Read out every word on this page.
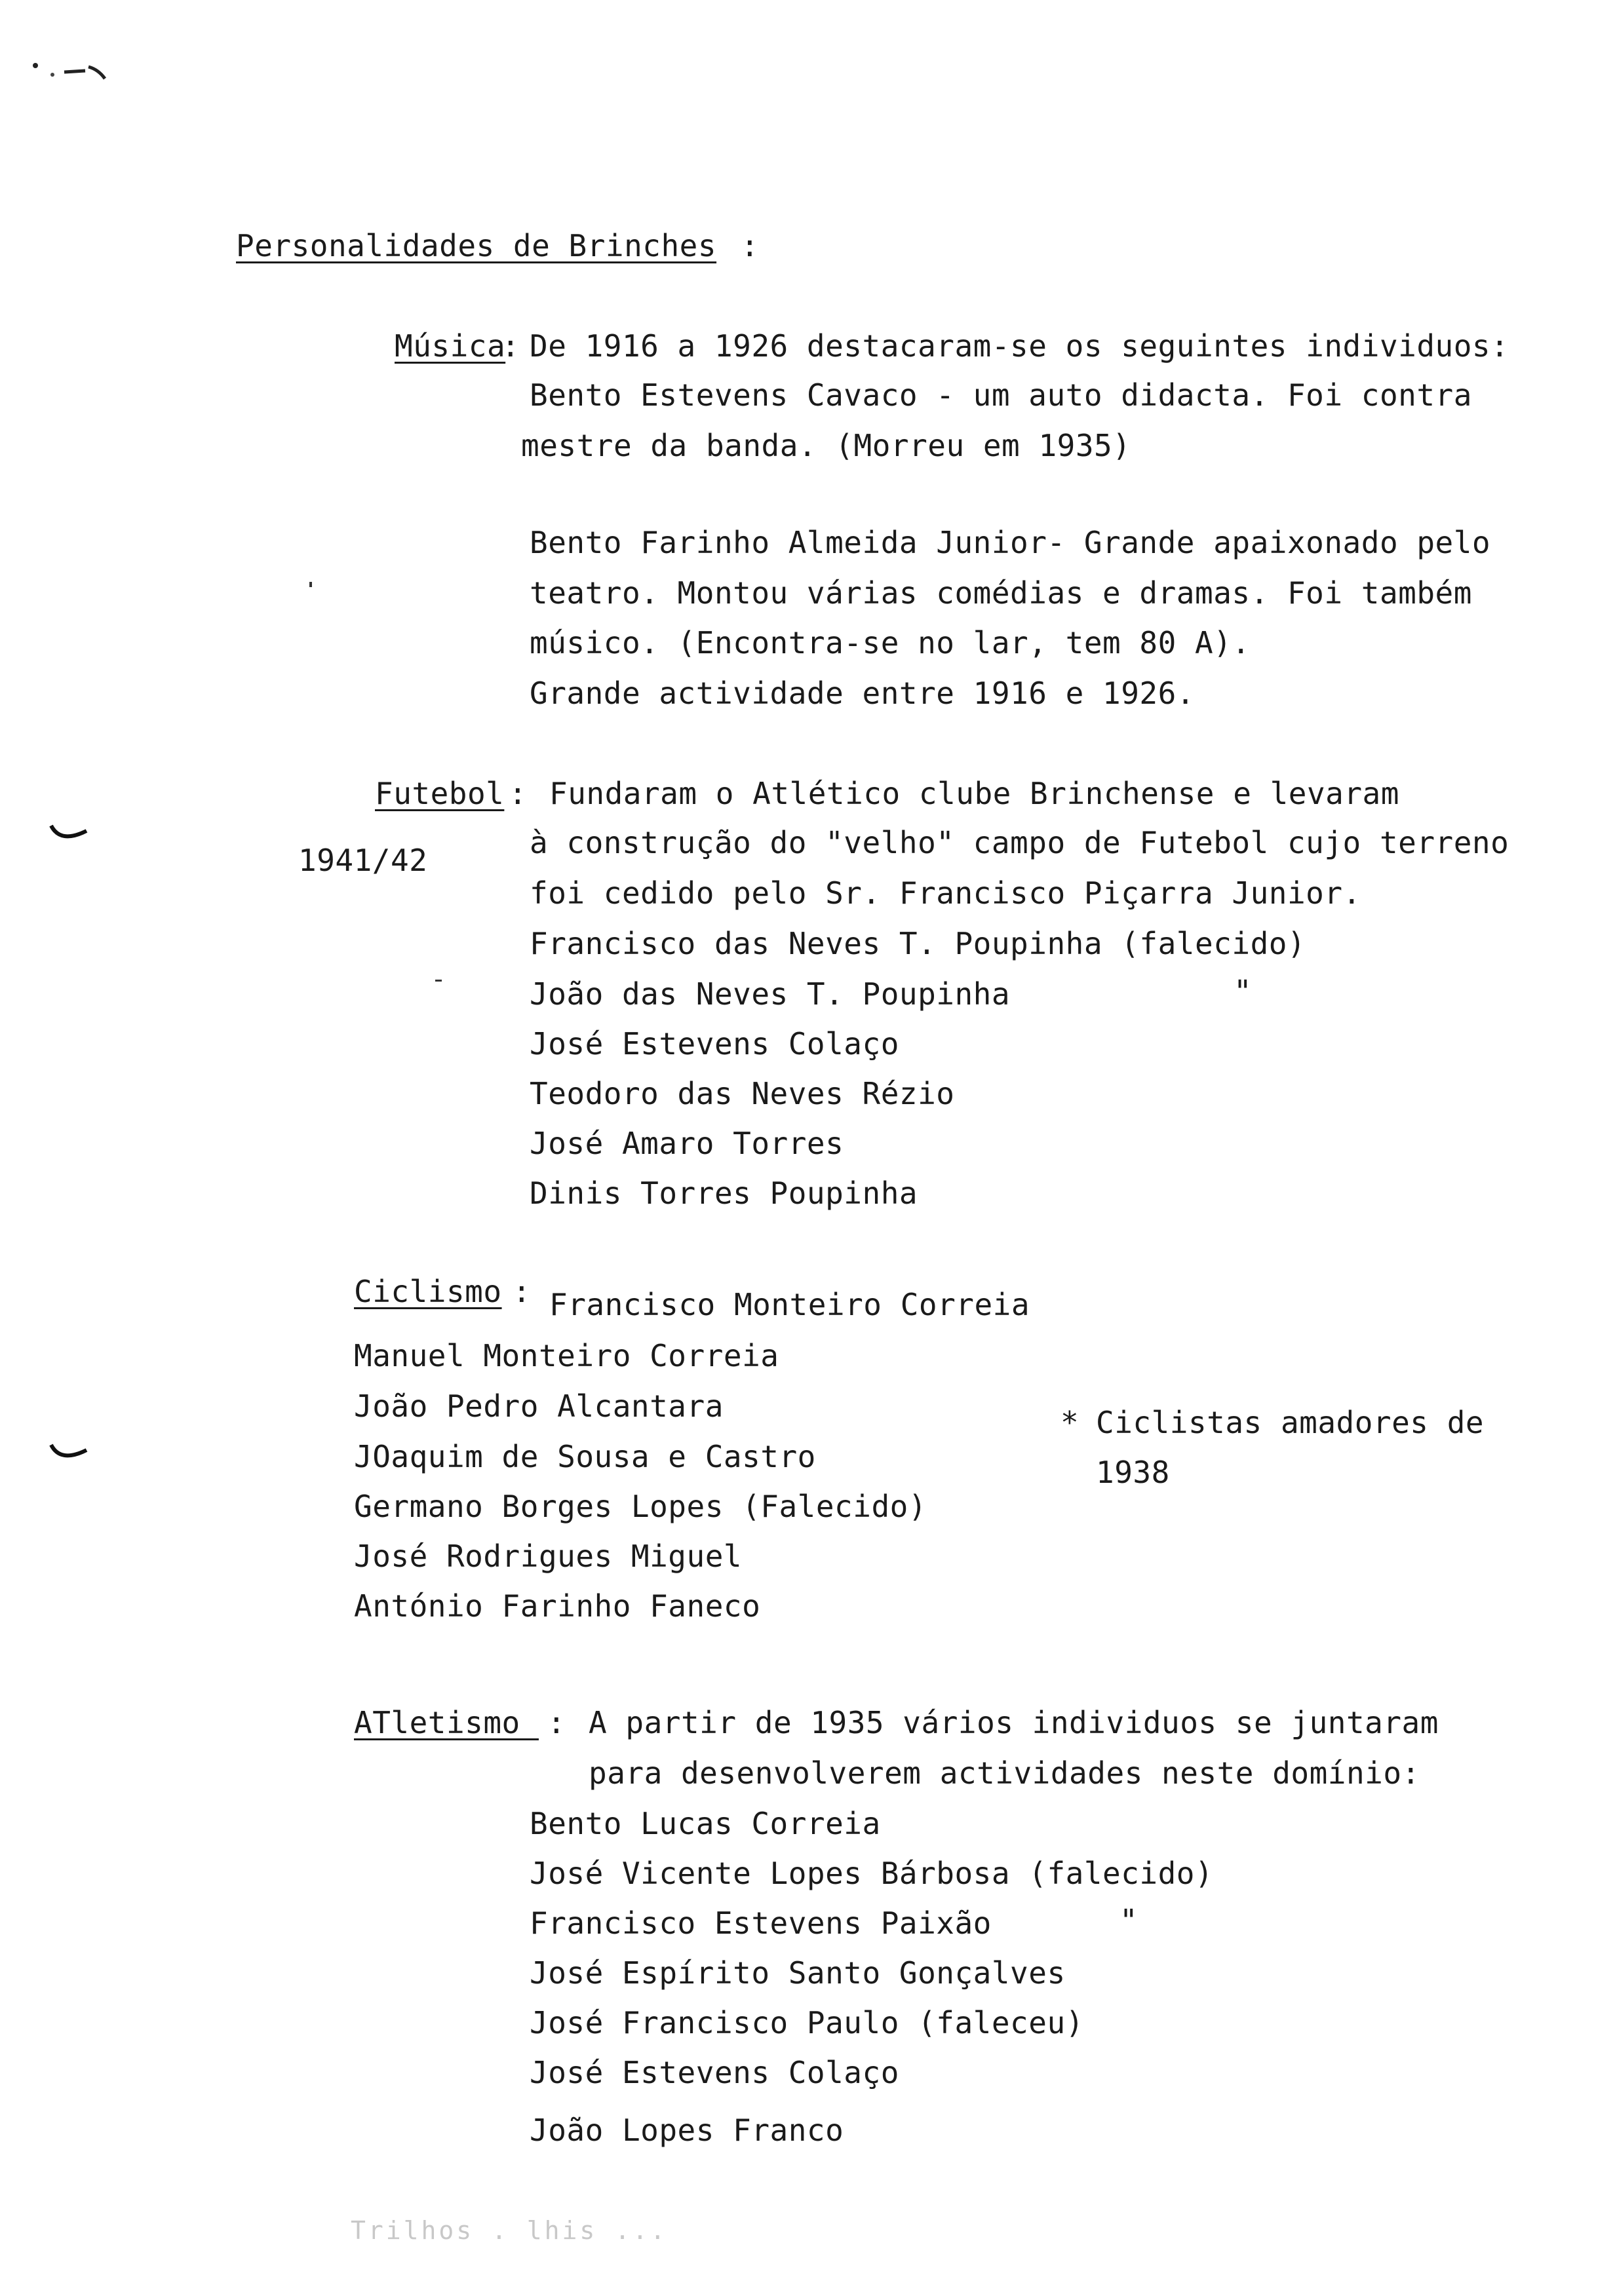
Personalidades de Brinches :
Música
: De 1916 a 1926 destacaram-se os seguintes individuos:
Bento Estevens Cavaco - um auto didacta. Foi contra
mestre da banda. (Morreu em 1935)
Bento Farinho Almeida Junior- Grande apaixonado pelo
teatro. Montou várias comédias e dramas. Foi também
músico. (Encontra-se no lar, tem 80 A).
Grande actividade entre 1916 e 1926.
Futebol : Fundaram o Atlético clube Brinchense e levaram
1941/42	à construção do "velho" campo de Futebol cujo terreno
foi cedido pelo Sr. Francisco Piçarra Junior.
Francisco das Neves T. Poupinha (falecido)
João das Neves T. Poupinha	"
José Estevens Colaço
Teodoro das Neves Rézio
José Amaro Torres
Dinis Torres Poupinha
Ciclismo : Francisco Monteiro Correia
Manuel Monteiro Correia
João Pedro Alcantara
JOaquim de Sousa e Castro
Germano Borges Lopes (Falecido)
José Rodrigues Miguel
António Farinho Faneco
* Ciclistas amadores de
1938
ATletismo : A partir de 1935 vários individuos se juntaram
para desenvolverem actividades neste domínio:
Bento Lucas Correia
José Vicente Lopes Bárbosa (falecido)
Francisco Estevens Paixão	"
José Espírito Santo Gonçalves
José Francisco Paulo (faleceu)
José Estevens Colaço
João Lopes Franco
Trilhos . lhis ...
